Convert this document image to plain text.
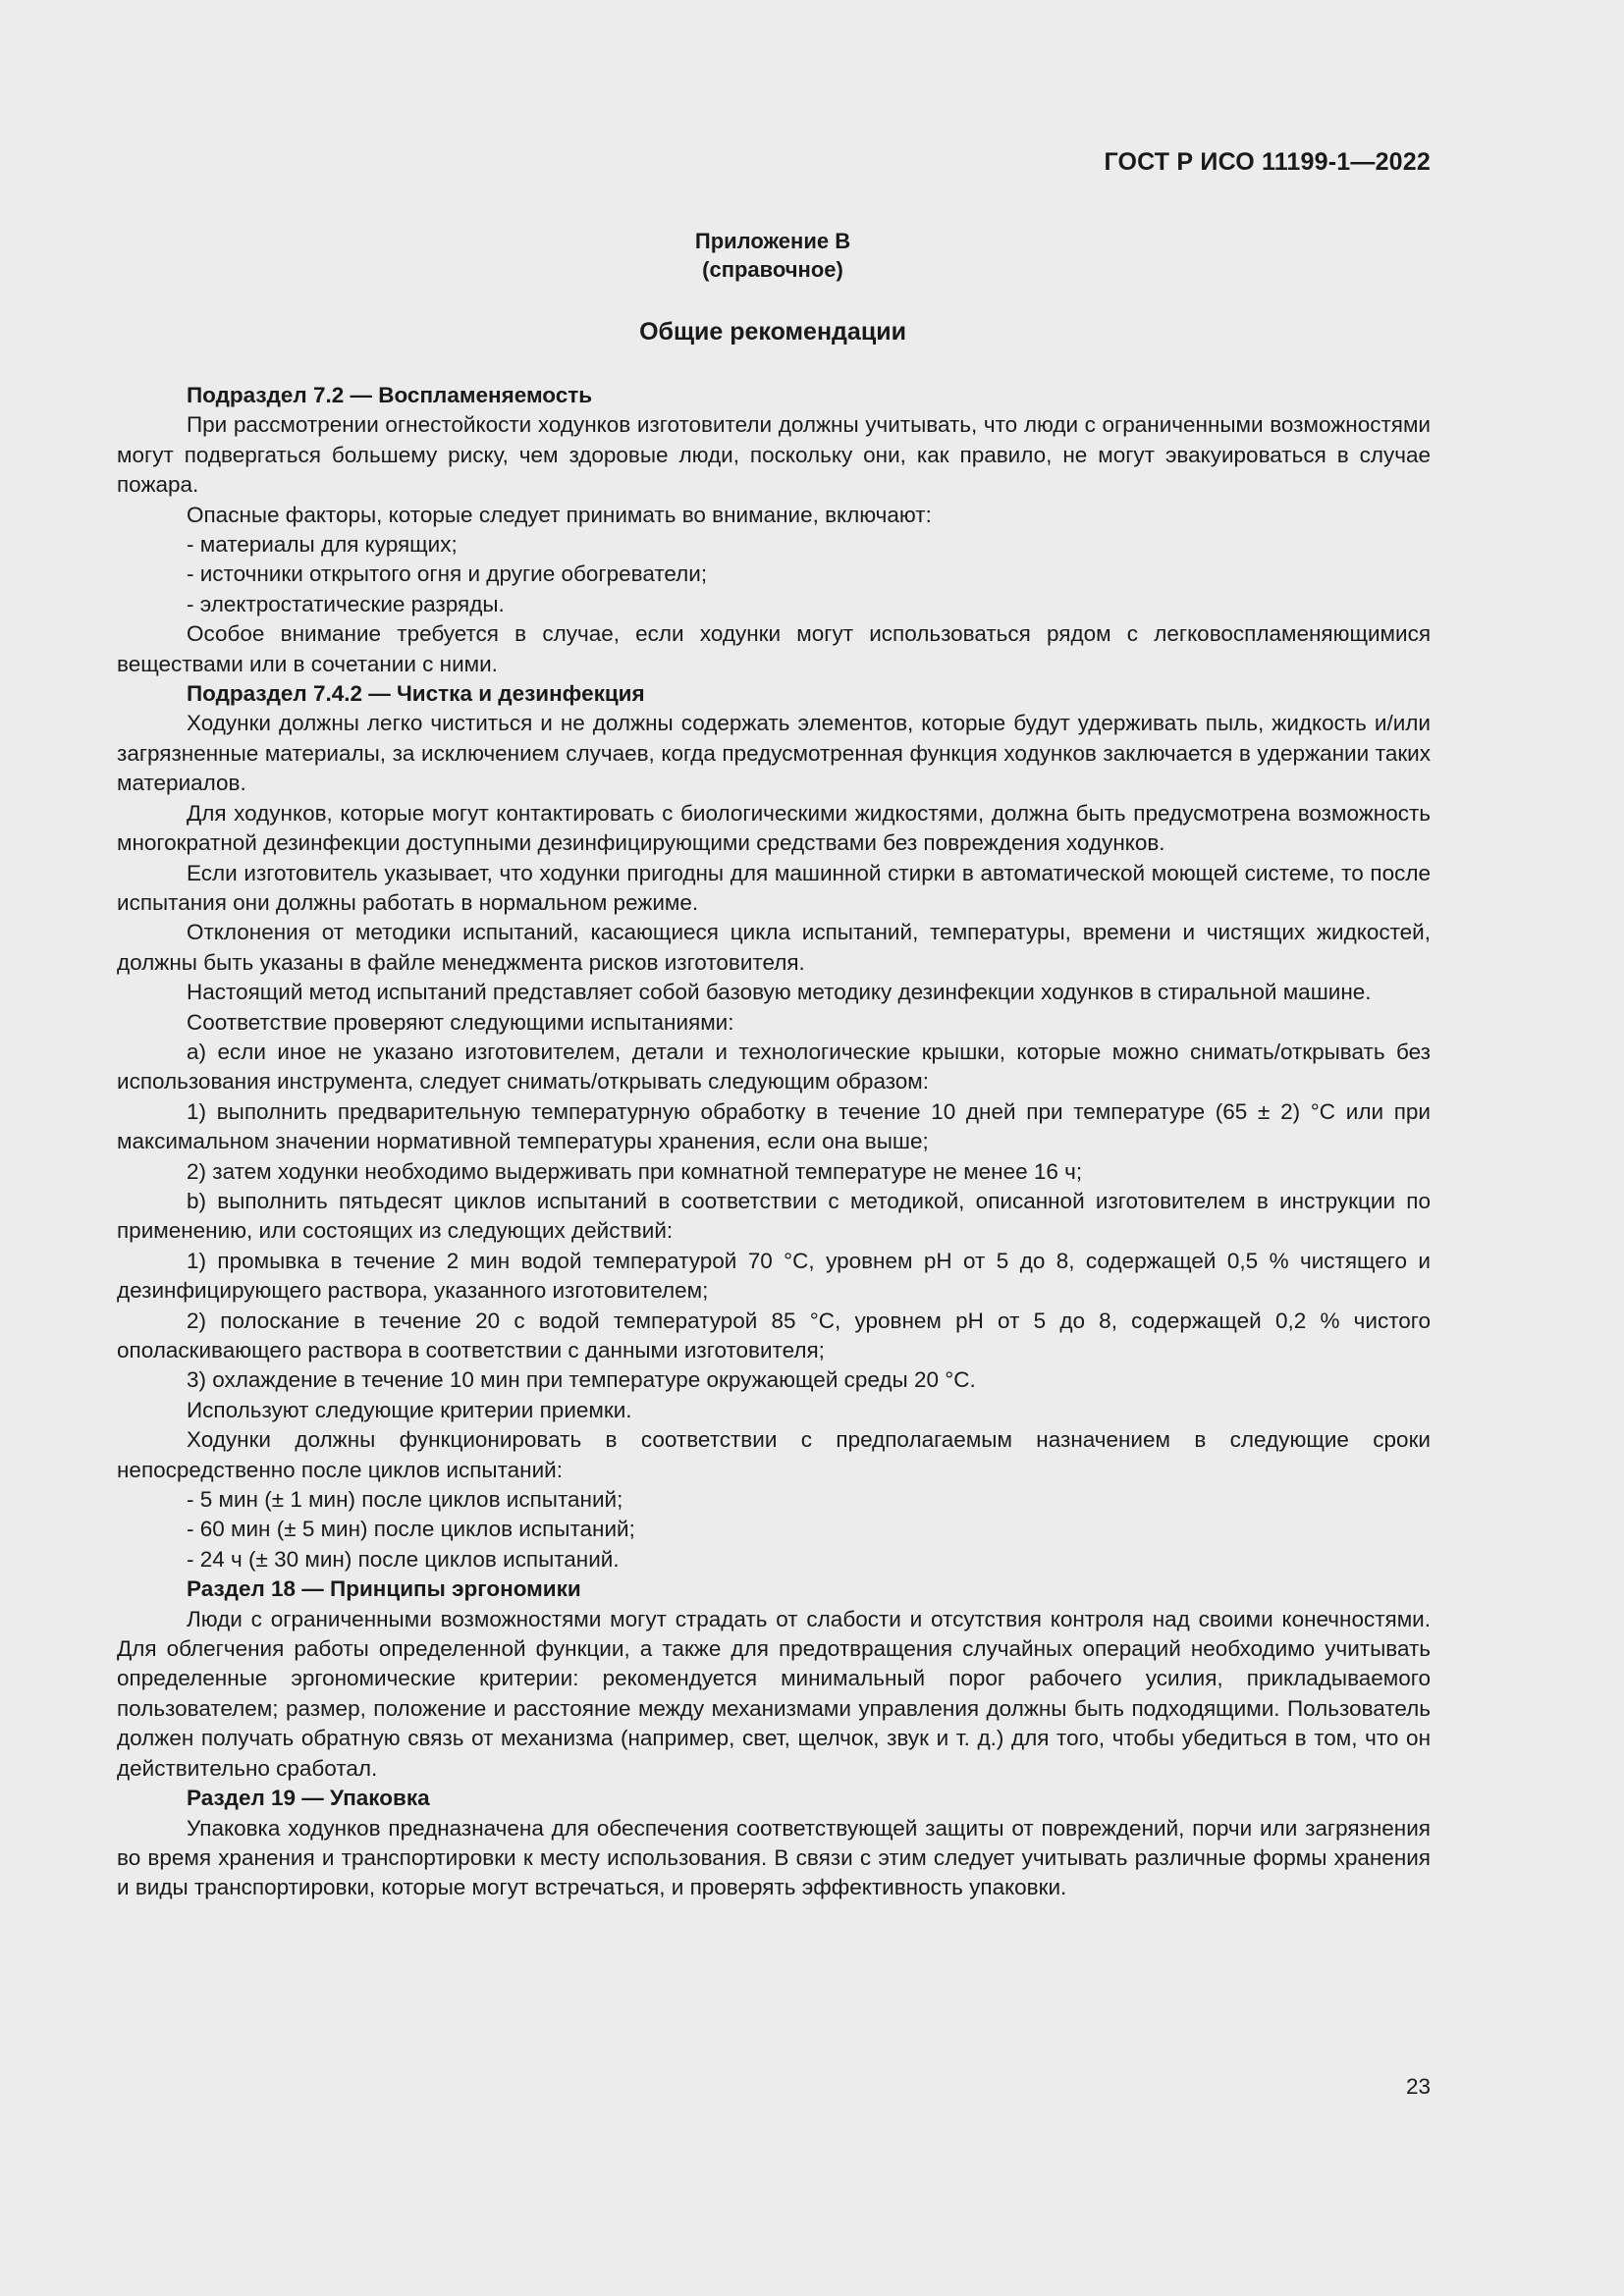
ГОСТ Р ИСО 11199-1—2022
Приложение В
(справочное)
Общие рекомендации

Подраздел 7.2 — Воспламеняемость

При рассмотрении огнестойкости ходунков изготовители должны учитывать, что люди с ограниченными возможностями могут подвергаться большему риску, чем здоровые люди, поскольку они, как правило, не могут эвакуироваться в случае пожара.

Опасные факторы, которые следует принимать во внимание, включают:

- материалы для курящих;

- источники открытого огня и другие обогреватели;

- электростатические разряды.

Особое внимание требуется в случае, если ходунки могут использоваться рядом с легковоспламеняющимися веществами или в сочетании с ними.

Подраздел 7.4.2 — Чистка и дезинфекция

Ходунки должны легко чиститься и не должны содержать элементов, которые будут удерживать пыль, жидкость и/или загрязненные материалы, за исключением случаев, когда предусмотренная функция ходунков заключается в удержании таких материалов.

Для ходунков, которые могут контактировать с биологическими жидкостями, должна быть предусмотрена возможность многократной дезинфекции доступными дезинфицирующими средствами без повреждения ходунков.

Если изготовитель указывает, что ходунки пригодны для машинной стирки в автоматической моющей системе, то после испытания они должны работать в нормальном режиме.

Отклонения от методики испытаний, касающиеся цикла испытаний, температуры, времени и чистящих жидкостей, должны быть указаны в файле менеджмента рисков изготовителя.

Настоящий метод испытаний представляет собой базовую методику дезинфекции ходунков в стиральной машине.

Соответствие проверяют следующими испытаниями:

a) если иное не указано изготовителем, детали и технологические крышки, которые можно снимать/открывать без использования инструмента, следует снимать/открывать следующим образом:

1) выполнить предварительную температурную обработку в течение 10 дней при температуре (65 ± 2) °С или при максимальном значении нормативной температуры хранения, если она выше;

2) затем ходунки необходимо выдерживать при комнатной температуре не менее 16 ч;

b) выполнить пятьдесят циклов испытаний в соответствии с методикой, описанной изготовителем в инструкции по применению, или состоящих из следующих действий:

1) промывка в течение 2 мин водой температурой 70 °С, уровнем pH от 5 до 8, содержащей 0,5 % чистящего и дезинфицирующего раствора, указанного изготовителем;

2) полоскание в течение 20 с водой температурой 85 °С, уровнем pH от 5 до 8, содержащей 0,2 % чистого ополаскивающего раствора в соответствии с данными изготовителя;

3) охлаждение в течение 10 мин при температуре окружающей среды 20 °С.

Используют следующие критерии приемки.

Ходунки должны функционировать в соответствии с предполагаемым назначением в следующие сроки непосредственно после циклов испытаний:

- 5 мин (± 1 мин) после циклов испытаний;

- 60 мин (± 5 мин) после циклов испытаний;

- 24 ч (± 30 мин) после циклов испытаний.

Раздел 18 — Принципы эргономики

Люди с ограниченными возможностями могут страдать от слабости и отсутствия контроля над своими конечностями. Для облегчения работы определенной функции, а также для предотвращения случайных операций необходимо учитывать определенные эргономические критерии: рекомендуется минимальный порог рабочего усилия, прикладываемого пользователем; размер, положение и расстояние между механизмами управления должны быть подходящими. Пользователь должен получать обратную связь от механизма (например, свет, щелчок, звук и т. д.) для того, чтобы убедиться в том, что он действительно сработал.

Раздел 19 — Упаковка

Упаковка ходунков предназначена для обеспечения соответствующей защиты от повреждений, порчи или загрязнения во время хранения и транспортировки к месту использования. В связи с этим следует учитывать различные формы хранения и виды транспортировки, которые могут встречаться, и проверять эффективность упаковки.

23
